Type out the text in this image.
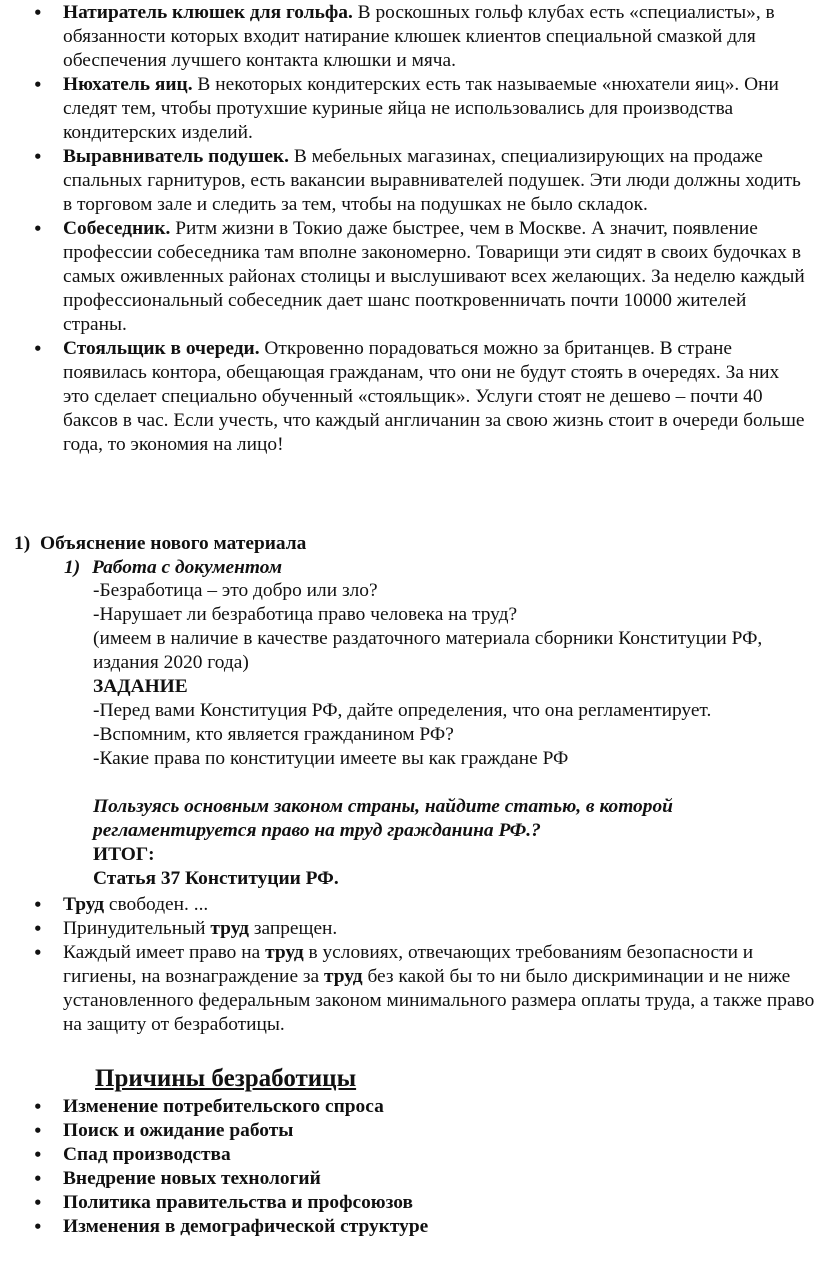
• Натиратель клюшек для гольфа. В роскошных гольф клубах есть «специалисты», в обязанности которых входит натирание клюшек клиентов специальной смазкой для обеспечения лучшего контакта клюшки и мяча.
• Нюхатель яиц. В некоторых кондитерских есть так называемые «нюхатели яиц». Они следят тем, чтобы протухшие куриные яйца не использовались для производства кондитерских изделий.
• Выравниватель подушек. В мебельных магазинах, специализирующих на продаже спальных гарнитуров, есть вакансии выравнивателей подушек. Эти люди должны ходить в торговом зале и следить за тем, чтобы на подушках не было складок.
• Собеседник. Ритм жизни в Токио даже быстрее, чем в Москве. А значит, появление профессии собеседника там вполне закономерно. Товарищи эти сидят в своих будочках в самых оживленных районах столицы и выслушивают всех желающих. За неделю каждый профессиональный собеседник дает шанс пооткровенничать почти 10000 жителей страны.
• Стояльщик в очереди. Откровенно порадоваться можно за британцев. В стране появилась контора, обещающая гражданам, что они не будут стоять в очередях. За них это сделает специально обученный «стояльщик». Услуги стоят не дешево – почти 40 баксов в час. Если учесть, что каждый англичанин за свою жизнь стоит в очереди больше года, то экономия на лицо!
1) Объяснение нового материала
1) Работа с документом

-Безработица – это добро или зло?

-Нарушает ли безработица право человека на труд?

(имеем в наличие в качестве раздаточного материала сборники Конституции РФ, издания 2020 года)

ЗАДАНИЕ

-Перед вами Конституция РФ, дайте определения, что она регламентирует.

-Вспомним, кто является гражданином РФ?

-Какие права по конституции имеете вы как граждане РФ

Пользуясь основным законом страны, найдите статью, в которой регламентируется право на труд гражданина РФ.?

ИТОГ:

Статья 37 Конституции РФ.

• Труд свободен. ...
• Принудительный труд запрещен.
• Каждый имеет право на труд в условиях, отвечающих требованиям безопасности и гигиены, на вознаграждение за труд без какой бы то ни было дискриминации и не ниже установленного федеральным законом минимального размера оплаты труда, а также право на защиту от безработицы.
Причины безработицы
• Изменение потребительского спроса
• Поиск и ожидание работы
• Спад производства
• Внедрение новых технологий
• Политика правительства и профсоюзов
• Изменения в демографической структуре
